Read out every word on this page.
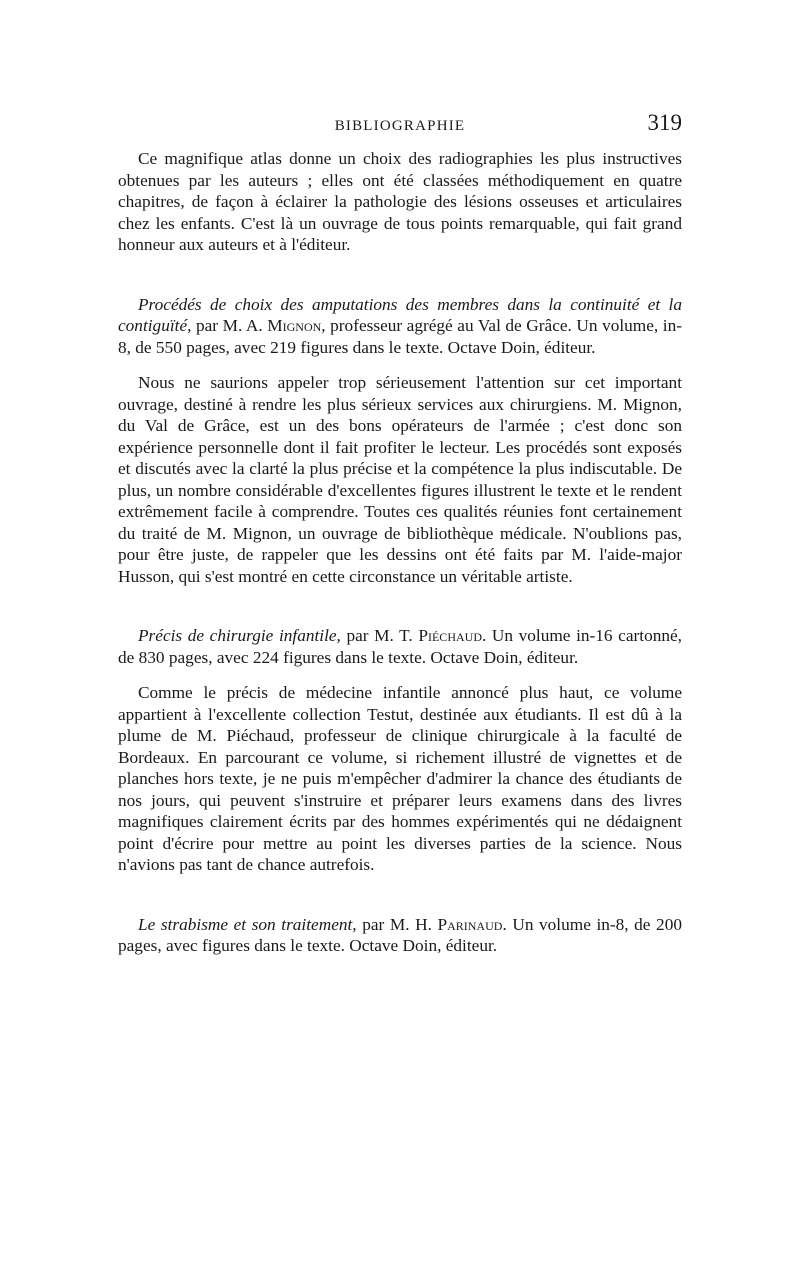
BIBLIOGRAPHIE	319

Ce magnifique atlas donne un choix des radiographies les plus instructives obtenues par les auteurs ; elles ont été classées méthodiquement en quatre chapitres, de façon à éclairer la pathologie des lésions osseuses et articulaires chez les enfants. C'est là un ouvrage de tous points remarquable, qui fait grand honneur aux auteurs et à l'éditeur.

Procédés de choix des amputations des membres dans la continuité et la contiguïté, par M. A. Mignon, professeur agrégé au Val de Grâce. Un volume, in-8, de 550 pages, avec 219 figures dans le texte. Octave Doin, éditeur.

Nous ne saurions appeler trop sérieusement l'attention sur cet important ouvrage, destiné à rendre les plus sérieux services aux chirurgiens. M. Mignon, du Val de Grâce, est un des bons opérateurs de l'armée ; c'est donc son expérience personnelle dont il fait profiter le lecteur. Les procédés sont exposés et discutés avec la clarté la plus précise et la compétence la plus indiscutable. De plus, un nombre considérable d'excellentes figures illustrent le texte et le rendent extrêmement facile à comprendre. Toutes ces qualités réunies font certainement du traité de M. Mignon, un ouvrage de bibliothèque médicale. N'oublions pas, pour être juste, de rappeler que les dessins ont été faits par M. l'aide-major Husson, qui s'est montré en cette circonstance un véritable artiste.

Précis de chirurgie infantile, par M. T. Piéchaud. Un volume in-16 cartonné, de 830 pages, avec 224 figures dans le texte. Octave Doin, éditeur.

Comme le précis de médecine infantile annoncé plus haut, ce volume appartient à l'excellente collection Testut, destinée aux étudiants. Il est dû à la plume de M. Piéchaud, professeur de clinique chirurgicale à la faculté de Bordeaux. En parcourant ce volume, si richement illustré de vignettes et de planches hors texte, je ne puis m'empêcher d'admirer la chance des étudiants de nos jours, qui peuvent s'instruire et préparer leurs examens dans des livres magnifiques clairement écrits par des hommes expérimentés qui ne dédaignent point d'écrire pour mettre au point les diverses parties de la science. Nous n'avions pas tant de chance autrefois.

Le strabisme et son traitement, par M. H. Parinaud. Un volume in-8, de 200 pages, avec figures dans le texte. Octave Doin, éditeur.
